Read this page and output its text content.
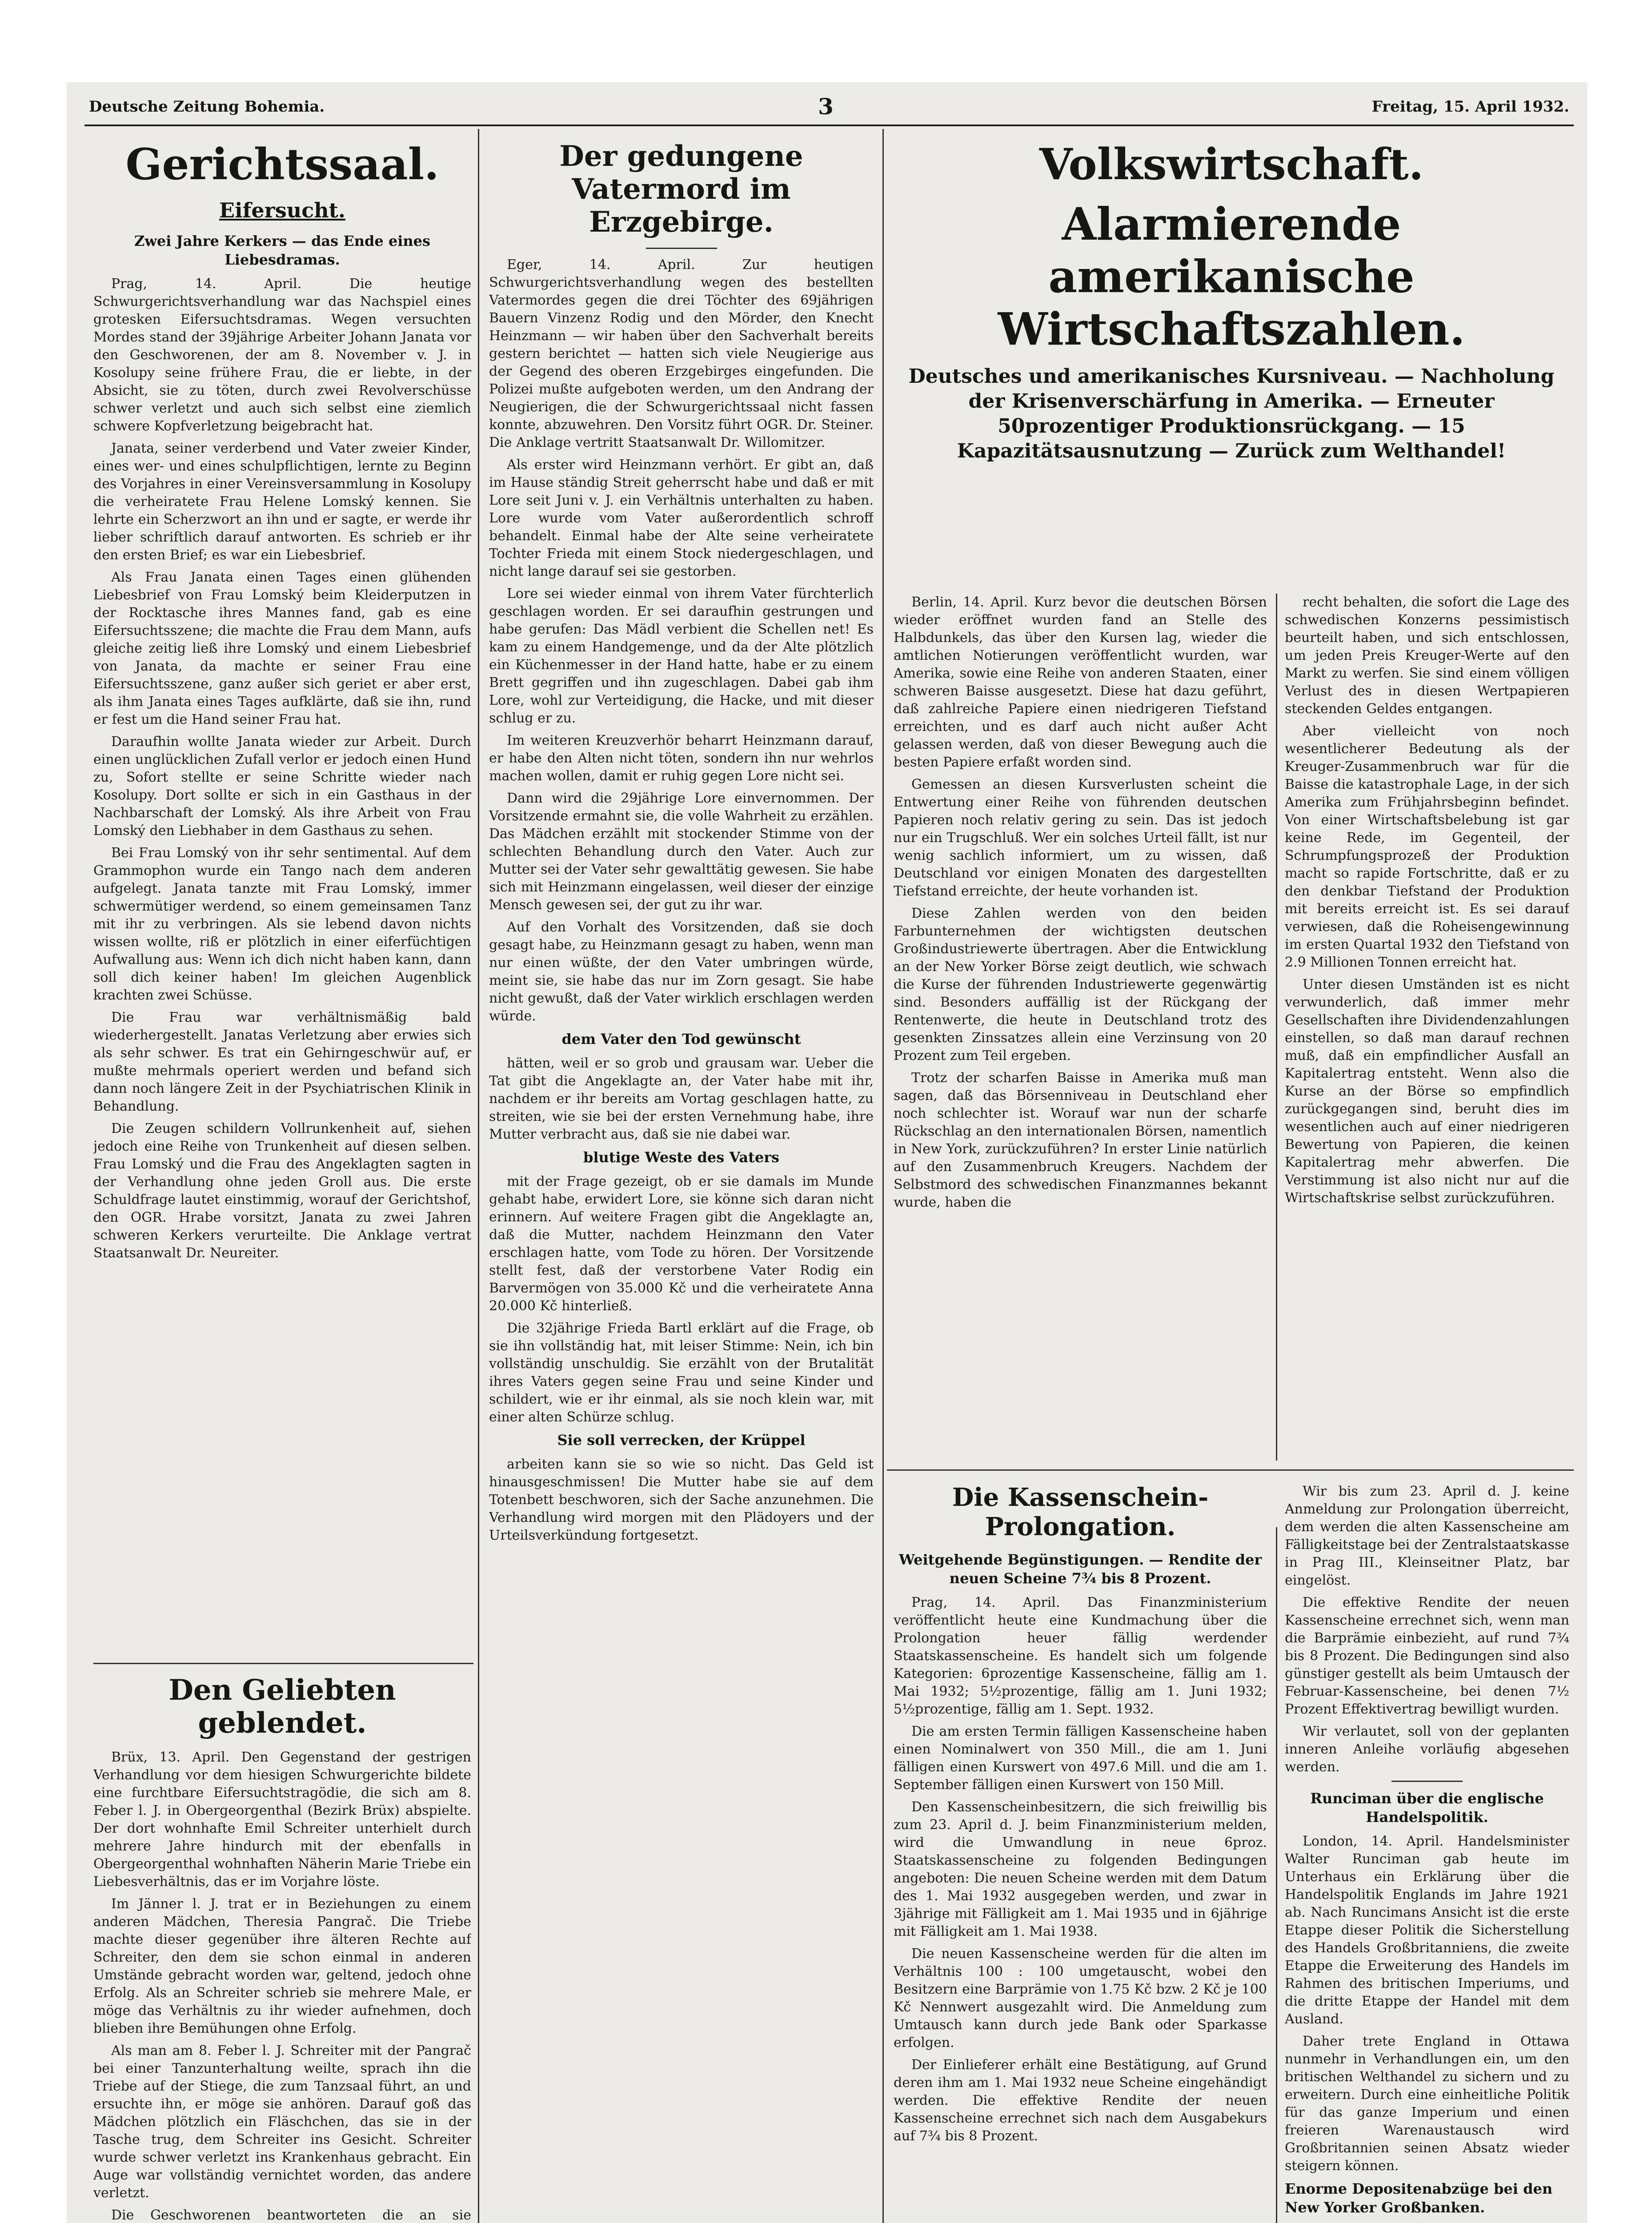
Deutsche Zeitung Bohemia.	3	Freitag, 15. April 1932.
Gerichtssaal.
Eifersucht.
Zwei Jahre Kerkers — das Ende eines Liebesdramas.

Prag, 14. April. Die heutige Schwurgerichtsverhandlung war das Nachspiel eines grotesken Eifersuchtsdramas. Wegen versuchten Mordes stand der 39jährige Arbeiter Johann Janata vor den Geschworenen, der am 8. November v. J. in Kosolupy seine frühere Frau, die er liebte, in der Absicht, sie zu töten, durch zwei Revolverschüsse schwer verletzt und auch sich selbst eine ziemlich schwere Kopfverletzung beigebracht hat.

Janata, seiner verderbend und Vater zweier Kinder, eines wer- und eines schulpflichtigen, lernte zu Beginn des Vorjahres in einer Vereinsversammlung in Kosolupy die verheiratete Frau Helene Lomský kennen. Sie lehrte ein Scherzwort an ihn und er sagte, er werde ihr lieber schriftlich darauf antworten. Es schrieb er ihr den ersten Brief; es war ein Liebesbrief.

Als Frau Janata einen Tages einen glühenden Liebesbrief von Frau Lomský beim Kleiderputzen in der Rocktasche ihres Mannes fand, gab es eine Eifersuchtsszene; die machte die Frau dem Mann, aufs gleiche zeitig ließ ihre Lomský und einem Liebesbrief von Janata, da machte er seiner Frau eine Eifersuchtsszene, ganz außer sich geriet er aber erst, als ihm Janata eines Tages aufklärte, daß sie ihn, rund er fest um die Hand seiner Frau hat.

Daraufhin wollte Janata wieder zur Arbeit. Durch einen unglücklichen Zufall verlor er jedoch einen Hund zu, Sofort stellte er seine Schritte wieder nach Kosolupy. Dort sollte er sich in ein Gasthaus in der Nachbarschaft der Lomský. Als ihre Arbeit von Frau Lomský den Liebhaber in dem Gasthaus zu sehen.

Bei Frau Lomský von ihr sehr sentimental. Auf dem Grammophon wurde ein Tango nach dem anderen aufgelegt. Janata tanzte mit Frau Lomský, immer schwermütiger werdend, so einem gemeinsamen Tanz mit ihr zu verbringen. Als sie lebend davon nichts wissen wollte, riß er plötzlich in einer eiferfüchtigen Aufwallung aus: Wenn ich dich nicht haben kann, dann soll dich keiner haben! Im gleichen Augenblick krachten zwei Schüsse.

Die Frau war verhältnismäßig bald wiederhergestellt. Janatas Verletzung aber erwies sich als sehr schwer. Es trat ein Gehirngeschwür auf, er mußte mehrmals operiert werden und befand sich dann noch längere Zeit in der Psychiatrischen Klinik in Behandlung.

Die Zeugen schildern Vollrunkenheit auf, siehen jedoch eine Reihe von Trunkenheit auf diesen selben. Frau Lomský und die Frau des Angeklagten sagten in der Verhandlung ohne jeden Groll aus. Die erste Schuldfrage lautet einstimmig, worauf der Gerichtshof, den OGR. Hrabe vorsitzt, Janata zu zwei Jahren schweren Kerkers verurteilte. Die Anklage vertrat Staatsanwalt Dr. Neureiter.

Den Geliebten geblendet.

Brüx, 13. April. Den Gegenstand der gestrigen Verhandlung vor dem hiesigen Schwurgerichte bildete eine furchtbare Eifersuchtstragödie, die sich am 8. Feber l. J. in Obergeorgenthal (Bezirk Brüx) abspielte. Der dort wohnhafte Emil Schreiter unterhielt durch mehrere Jahre hindurch mit der ebenfalls in Obergeorgenthal wohnhaften Näherin Marie Triebe ein Liebesverhältnis, das er im Vorjahre löste.

Im Jänner l. J. trat er in Beziehungen zu einem anderen Mädchen, Theresia Pangrač. Die Triebe machte dieser gegenüber ihre älteren Rechte auf Schreiter, den dem sie schon einmal in anderen Umstände gebracht worden war, geltend, jedoch ohne Erfolg. Als an Schreiter schrieb sie mehrere Male, er möge das Verhältnis zu ihr wieder aufnehmen, doch blieben ihre Bemühungen ohne Erfolg.

Als man am 8. Feber l. J. Schreiter mit der Pangrač bei einer Tanzunterhaltung weilte, sprach ihn die Triebe auf der Stiege, die zum Tanzsaal führt, an und ersuchte ihn, er möge sie anhören. Darauf goß das Mädchen plötzlich ein Fläschchen, das sie in der Tasche trug, dem Schreiter ins Gesicht. Schreiter wurde schwer verletzt ins Krankenhaus gebracht. Ein Auge war vollständig vernichtet worden, das andere verletzt.

Die Geschworenen beantworteten die an sie

Der gedungene Vatermord im Erzgebirge.

Eger, 14. April. Zur heutigen Schwurgerichtsverhandlung wegen des bestellten Vatermordes gegen die drei Töchter des 69jährigen Bauern Vinzenz Rodig und den Mörder, den Knecht Heinzmann — wir haben über den Sachverhalt bereits gestern berichtet — hatten sich viele Neugierige aus der Gegend des oberen Erzgebirges eingefunden. Die Polizei mußte aufgeboten werden, um den Andrang der Neugierigen, die der Schwurgerichtssaal nicht fassen konnte, abzuwehren. Den Vorsitz führt OGR. Dr. Steiner. Die Anklage vertritt Staatsanwalt Dr. Willomitzer.

Als erster wird Heinzmann verhört. Er gibt an, daß im Hause ständig Streit geherrscht habe und daß er mit Lore seit Juni v. J. ein Verhältnis unterhalten zu haben. Lore wurde vom Vater außerordentlich schroff behandelt. Einmal habe der Alte seine verheiratete Tochter Frieda mit einem Stock niedergeschlagen, und nicht lange darauf sei sie gestorben.

Lore sei wieder einmal von ihrem Vater fürchterlich geschlagen worden. Er sei daraufhin gestrungen und habe gerufen: Das Mädl verbient die Schellen net! Es kam zu einem Handgemenge, und da der Alte plötzlich ein Küchenmesser in der Hand hatte, habe er zu einem Brett gegriffen und ihn zugeschlagen. Dabei gab ihm Lore, wohl zur Verteidigung, die Hacke, und mit dieser schlug er zu.

Im weiteren Kreuzverhör beharrt Heinzmann darauf, er habe den Alten nicht töten, sondern ihn nur wehrlos machen wollen, damit er ruhig gegen Lore nicht sei.

Dann wird die 29jährige Lore einvernommen. Der Vorsitzende ermahnt sie, die volle Wahrheit zu erzählen. Das Mädchen erzählt mit stockender Stimme von der schlechten Behandlung durch den Vater. Auch zur Mutter sei der Vater sehr gewalttätig gewesen. Sie habe sich mit Heinzmann eingelassen, weil dieser der einzige Mensch gewesen sei, der gut zu ihr war.

Auf den Vorhalt des Vorsitzenden, daß sie doch gesagt habe, zu Heinzmann gesagt zu haben, wenn man nur einen wüßte, der den Vater umbringen würde, meint sie, sie habe das nur im Zorn gesagt. Sie habe nicht gewußt, daß der Vater wirklich erschlagen werden würde.

dem Vater den Tod gewünscht

hätten, weil er so grob und grausam war. Ueber die Tat gibt die Angeklagte an, der Vater habe mit ihr, nachdem er ihr bereits am Vortag geschlagen hatte, zu streiten, wie sie bei der ersten Vernehmung habe, ihre Mutter verbracht aus, daß sie nie dabei war.

blutige Weste des Vaters

mit der Frage gezeigt, ob er sie damals im Munde gehabt habe, erwidert Lore, sie könne sich daran nicht erinnern. Auf weitere Fragen gibt die Angeklagte an, daß die Mutter, nachdem Heinzmann den Vater erschlagen hatte, vom Tode zu hören. Der Vorsitzende stellt fest, daß der verstorbene Vater Rodig ein Barvermögen von 35.000 Kč und die verheiratete Anna 20.000 Kč hinterließ.

Die 32jährige Frieda Bartl erklärt auf die Frage, ob sie ihn vollständig hat, mit leiser Stimme: Nein, ich bin vollständig unschuldig. Sie erzählt von der Brutalität ihres Vaters gegen seine Frau und seine Kinder und schildert, wie er ihr einmal, als sie noch klein war, mit einer alten Schürze schlug.

Sie soll verrecken, der Krüppel

arbeiten kann sie so wie so nicht. Das Geld ist hinausgeschmissen! Die Mutter habe sie auf dem Totenbett beschworen, sich der Sache anzunehmen. Die Verhandlung wird morgen mit den Plädoyers und der Urteilsverkündung fortgesetzt.

Volkswirtschaft.
Alarmierende amerikanische Wirtschaftszahlen.
Deutsches und amerikanisches Kursniveau. — Nachholung der Krisenverschärfung in Amerika. — Erneuter 50prozentiger Produktionsrückgang. — 15 Kapazitätsausnutzung — Zurück zum Welthandel!

Berlin, 14. April. Kurz bevor die deutschen Börsen wieder eröffnet wurden fand an Stelle des Halbdunkels, das über den Kursen lag, wieder die amtlichen Notierungen veröffentlicht wurden, war Amerika, sowie eine Reihe von anderen Staaten, einer schweren Baisse ausgesetzt. Diese hat dazu geführt, daß zahlreiche Papiere einen niedrigeren Tiefstand erreichten, und es darf auch nicht außer Acht gelassen werden, daß von dieser Bewegung auch die besten Papiere erfaßt worden sind.

Gemessen an diesen Kursverlusten scheint die Entwertung einer Reihe von führenden deutschen Papieren noch relativ gering zu sein. Das ist jedoch nur ein Trugschluß. Wer ein solches Urteil fällt, ist nur wenig sachlich informiert, um zu wissen, daß Deutschland vor einigen Monaten des dargestellten Tiefstand erreichte, der heute vorhanden ist.

Diese Zahlen werden von den beiden Farbunternehmen der wichtigsten deutschen Großindustriewerte übertragen. Aber die Entwicklung an der New Yorker Börse zeigt deutlich, wie schwach die Kurse der führenden Industriewerte gegenwärtig sind. Besonders auffällig ist der Rückgang der Rentenwerte, die heute in Deutschland trotz des gesenkten Zinssatzes allein eine Verzinsung von 20 Prozent zum Teil ergeben.

Trotz der scharfen Baisse in Amerika muß man sagen, daß das Börsenniveau in Deutschland eher noch schlechter ist. Worauf war nun der scharfe Rückschlag an den internationalen Börsen, namentlich in New York, zurückzuführen? In erster Linie natürlich auf den Zusammenbruch Kreugers. Nachdem der Selbstmord des schwedischen Finanzmannes bekannt wurde, haben die

recht behalten, die sofort die Lage des schwedischen Konzerns pessimistisch beurteilt haben, und sich entschlossen, um jeden Preis Kreuger-Werte auf den Markt zu werfen. Sie sind einem völligen Verlust des in diesen Wertpapieren steckenden Geldes entgangen.

Aber vielleicht von noch wesentlicherer Bedeutung als der Kreuger-Zusammenbruch war für die Baisse die katastrophale Lage, in der sich Amerika zum Frühjahrsbeginn befindet. Von einer Wirtschaftsbelebung ist gar keine Rede, im Gegenteil, der Schrumpfungsprozeß der Produktion macht so rapide Fortschritte, daß er zu den denkbar Tiefstand der Produktion mit bereits erreicht ist. Es sei darauf verwiesen, daß die Roheisengewinnung im ersten Quartal 1932 den Tiefstand von 2.9 Millionen Tonnen erreicht hat.

Unter diesen Umständen ist es nicht verwunderlich, daß immer mehr Gesellschaften ihre Dividendenzahlungen einstellen, so daß man darauf rechnen muß, daß ein empfindlicher Ausfall an Kapitalertrag entsteht. Wenn also die Kurse an der Börse so empfindlich zurückgegangen sind, beruht dies im wesentlichen auch auf einer niedrigeren Bewertung von Papieren, die keinen Kapitalertrag mehr abwerfen. Die Verstimmung ist also nicht nur auf die Wirtschaftskrise selbst zurückzuführen.

Die Kassenschein-Prolongation.
Weitgehende Begünstigungen. — Rendite der neuen Scheine 7¾ bis 8 Prozent.

Prag, 14. April. Das Finanzministerium veröffentlicht heute eine Kundmachung über die Prolongation heuer fällig werdender Staatskassenscheine. Es handelt sich um folgende Kategorien: 6prozentige Kassenscheine, fällig am 1. Mai 1932; 5½prozentige, fällig am 1. Juni 1932; 5½prozentige, fällig am 1. Sept. 1932.

Die am ersten Termin fälligen Kassenscheine haben einen Nominalwert von 350 Mill., die am 1. Juni fälligen einen Kurswert von 497.6 Mill. und die am 1. September fälligen einen Kurswert von 150 Mill.

Den Kassenscheinbesitzern, die sich freiwillig bis zum 23. April d. J. beim Finanzministerium melden, wird die Umwandlung in neue 6proz. Staatskassenscheine zu folgenden Bedingungen angeboten: Die neuen Scheine werden mit dem Datum des 1. Mai 1932 ausgegeben werden, und zwar in 3jährige mit Fälligkeit am 1. Mai 1935 und in 6jährige mit Fälligkeit am 1. Mai 1938.

Die neuen Kassenscheine werden für die alten im Verhältnis 100 : 100 umgetauscht, wobei den Besitzern eine Barprämie von 1.75 Kč bzw. 2 Kč je 100 Kč Nennwert ausgezahlt wird. Die Anmeldung zum Umtausch kann durch jede Bank oder Sparkasse erfolgen.

Der Einlieferer erhält eine Bestätigung, auf Grund deren ihm am 1. Mai 1932 neue Scheine eingehändigt werden. Die effektive Rendite der neuen Kassenscheine errechnet sich nach dem Ausgabekurs auf 7¾ bis 8 Prozent.

Wir bis zum 23. April d. J. keine Anmeldung zur Prolongation überreicht, dem werden die alten Kassenscheine am Fälligkeitstage bei der Zentralstaatskasse in Prag III., Kleinseitner Platz, bar eingelöst.

Die effektive Rendite der neuen Kassenscheine errechnet sich, wenn man die Barprämie einbezieht, auf rund 7¾ bis 8 Prozent. Die Bedingungen sind also günstiger gestellt als beim Umtausch der Februar-Kassenscheine, bei denen 7½ Prozent Effektivertrag bewilligt wurden.

Wir verlautet, soll von der geplanten inneren Anleihe vorläufig abgesehen werden.

Runciman über die englische Handelspolitik.

London, 14. April. Handelsminister Walter Runciman gab heute im Unterhaus ein Erklärung über die Handelspolitik Englands im Jahre 1921 ab. Nach Runcimans Ansicht ist die erste Etappe dieser Politik die Sicherstellung des Handels Großbritanniens, die zweite Etappe die Erweiterung des Handels im Rahmen des britischen Imperiums, und die dritte Etappe der Handel mit dem Ausland.

Daher trete England in Ottawa nunmehr in Verhandlungen ein, um den britischen Welthandel zu sichern und zu erweitern. Durch eine einheitliche Politik für das ganze Imperium und einen freieren Warenaustausch wird Großbritannien seinen Absatz wieder steigern können.

Enorme Depositenabzüge bei den New Yorker Großbanken.
